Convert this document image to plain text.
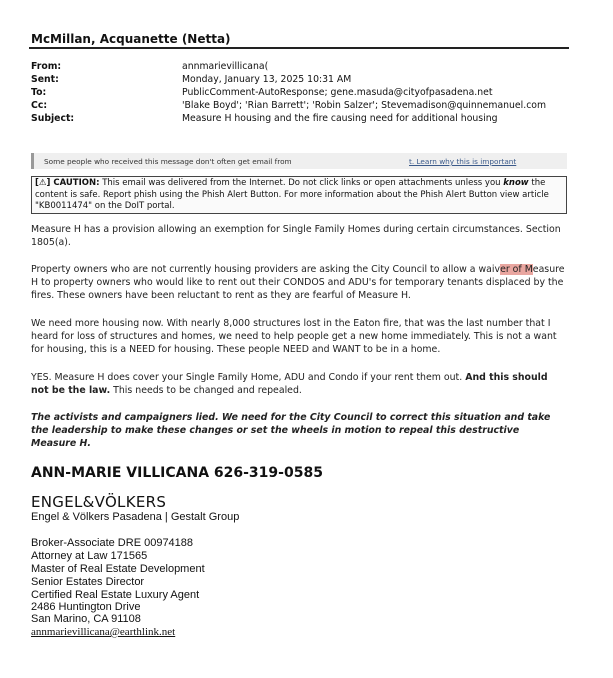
McMillan, Acquanette (Netta)
From:	annmarievillicana(
Sent:	Monday, January 13, 2025 10:31 AM
To:	PublicComment-AutoResponse; gene.masuda@cityofpasadena.net
Cc:	'Blake Boyd'; 'Rian Barrett'; 'Robin Salzer'; Stevemadison@quinnemanuel.com
Subject:	Measure H housing and the fire causing need for additional housing
Some people who received this message don't often get email from	t. Learn why this is important
[⚠] CAUTION: This email was delivered from the Internet. Do not click links or open attachments unless you know the content is safe. Report phish using the Phish Alert Button. For more information about the Phish Alert Button view article "KB0011474" on the DoIT portal.
Measure H has a provision allowing an exemption for Single Family Homes during certain circumstances. Section 1805(a).
Property owners who are not currently housing providers are asking the City Council to allow a waiver of Measure H to property owners who would like to rent out their CONDOS and ADU's for temporary tenants displaced by the fires. These owners have been reluctant to rent as they are fearful of Measure H.
We need more housing now. With nearly 8,000 structures lost in the Eaton fire, that was the last number that I heard for loss of structures and homes, we need to help people get a new home immediately. This is not a want for housing, this is a NEED for housing. These people NEED and WANT to be in a home.
YES. Measure H does cover your Single Family Home, ADU and Condo if your rent them out. And this should not be the law. This needs to be changed and repealed.
The activists and campaigners lied. We need for the City Council to correct this situation and take the leadership to make these changes or set the wheels in motion to repeal this destructive Measure H.
ANN-MARIE VILLICANA 626-319-0585
ENGEL&VÖLKERS
Engel & Völkers Pasadena | Gestalt Group
Broker-Associate DRE 00974188
Attorney at Law 171565
Master of Real Estate Development
Senior Estates Director
Certified Real Estate Luxury Agent
2486 Huntington Drive
San Marino, CA 91108
annmarievillicana@earthlink.net
